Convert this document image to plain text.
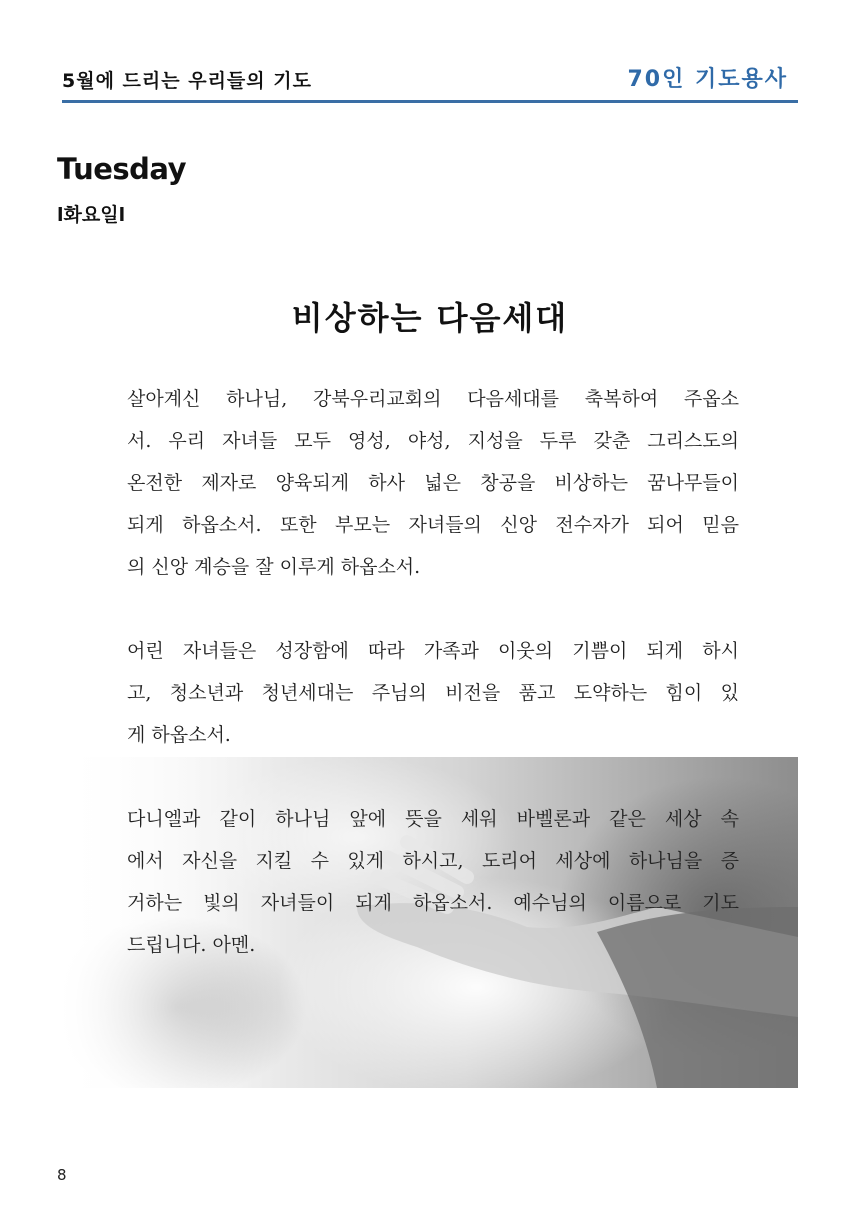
5월에 드리는 우리들의 기도	70인 기도용사
Tuesday
l화요일l
비상하는 다음세대

살아계신 하나님, 강북우리교회의 다음세대를 축복하여 주옵소
서. 우리 자녀들 모두 영성, 야성, 지성을 두루 갖춘 그리스도의
온전한 제자로 양육되게 하사 넓은 창공을 비상하는 꿈나무들이
되게 하옵소서. 또한 부모는 자녀들의 신앙 전수자가 되어 믿음
의 신앙 계승을 잘 이루게 하옵소서.

어린 자녀들은 성장함에 따라 가족과 이웃의 기쁨이 되게 하시
고, 청소년과 청년세대는 주님의 비전을 품고 도약하는 힘이 있
게 하옵소서.

다니엘과 같이 하나님 앞에 뜻을 세워 바벨론과 같은 세상 속
에서 자신을 지킬 수 있게 하시고, 도리어 세상에 하나님을 증
거하는 빛의 자녀들이 되게 하옵소서. 예수님의 이름으로 기도
드립니다. 아멘.

8
